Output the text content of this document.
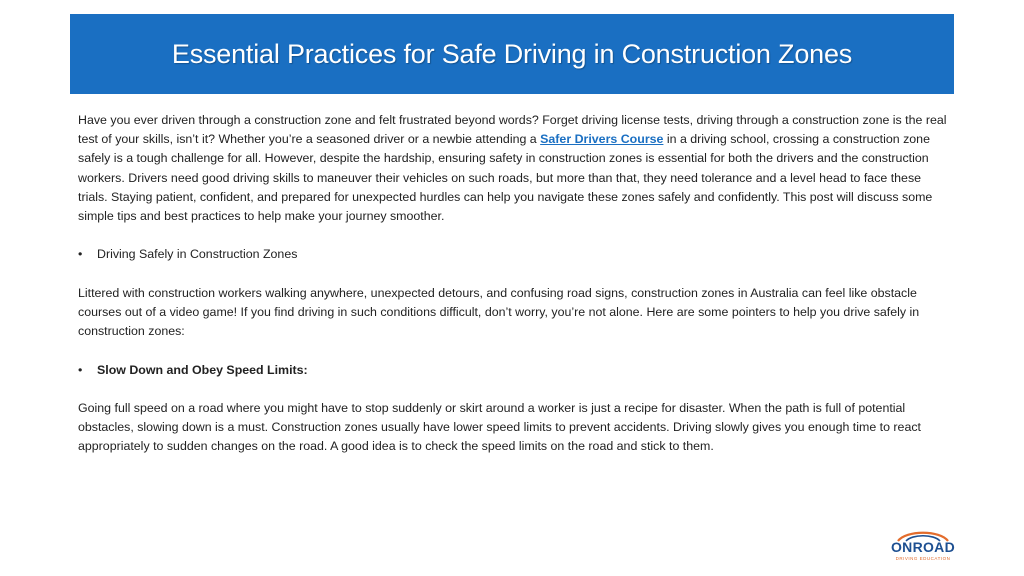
Essential Practices for Safe Driving in Construction Zones

Have you ever driven through a construction zone and felt frustrated beyond words? Forget driving license tests, driving through a construction zone is the real test of your skills, isn’t it? Whether you’re a seasoned driver or a newbie attending a Safer Drivers Course in a driving school, crossing a construction zone safely is a tough challenge for all. However, despite the hardship, ensuring safety in construction zones is essential for both the drivers and the construction workers. Drivers need good driving skills to maneuver their vehicles on such roads, but more than that, they need tolerance and a level head to face these trials. Staying patient, confident, and prepared for unexpected hurdles can help you navigate these zones safely and confidently. This post will discuss some simple tips and best practices to help make your journey smoother.

•	Driving Safely in Construction Zones

Littered with construction workers walking anywhere, unexpected detours, and confusing road signs, construction zones in Australia can feel like obstacle courses out of a video game! If you find driving in such conditions difficult, don’t worry, you’re not alone. Here are some pointers to help you drive safely in construction zones:

•	Slow Down and Obey Speed Limits:

Going full speed on a road where you might have to stop suddenly or skirt around a worker is just a recipe for disaster. When the path is full of potential obstacles, slowing down is a must. Construction zones usually have lower speed limits to prevent accidents. Driving slowly gives you enough time to react appropriately to sudden changes on the road. A good idea is to check the speed limits on the road and stick to them.

ONROAD
DRIVING EDUCATION
